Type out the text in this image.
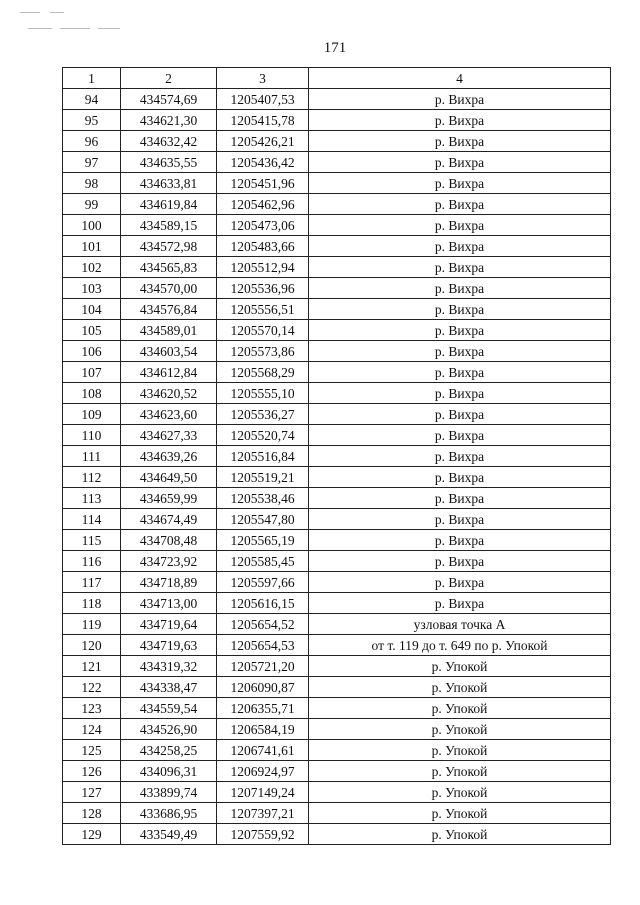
171
1	2	3	4
94	434574,69	1205407,53	р. Вихра
95	434621,30	1205415,78	р. Вихра
96	434632,42	1205426,21	р. Вихра
97	434635,55	1205436,42	р. Вихра
98	434633,81	1205451,96	р. Вихра
99	434619,84	1205462,96	р. Вихра
100	434589,15	1205473,06	р. Вихра
101	434572,98	1205483,66	р. Вихра
102	434565,83	1205512,94	р. Вихра
103	434570,00	1205536,96	р. Вихра
104	434576,84	1205556,51	р. Вихра
105	434589,01	1205570,14	р. Вихра
106	434603,54	1205573,86	р. Вихра
107	434612,84	1205568,29	р. Вихра
108	434620,52	1205555,10	р. Вихра
109	434623,60	1205536,27	р. Вихра
110	434627,33	1205520,74	р. Вихра
111	434639,26	1205516,84	р. Вихра
112	434649,50	1205519,21	р. Вихра
113	434659,99	1205538,46	р. Вихра
114	434674,49	1205547,80	р. Вихра
115	434708,48	1205565,19	р. Вихра
116	434723,92	1205585,45	р. Вихра
117	434718,89	1205597,66	р. Вихра
118	434713,00	1205616,15	р. Вихра
119	434719,64	1205654,52	узловая точка А
120	434719,63	1205654,53	от т. 119 до т. 649 по р. Упокой
121	434319,32	1205721,20	р. Упокой
122	434338,47	1206090,87	р. Упокой
123	434559,54	1206355,71	р. Упокой
124	434526,90	1206584,19	р. Упокой
125	434258,25	1206741,61	р. Упокой
126	434096,31	1206924,97	р. Упокой
127	433899,74	1207149,24	р. Упокой
128	433686,95	1207397,21	р. Упокой
129	433549,49	1207559,92	р. Упокой
